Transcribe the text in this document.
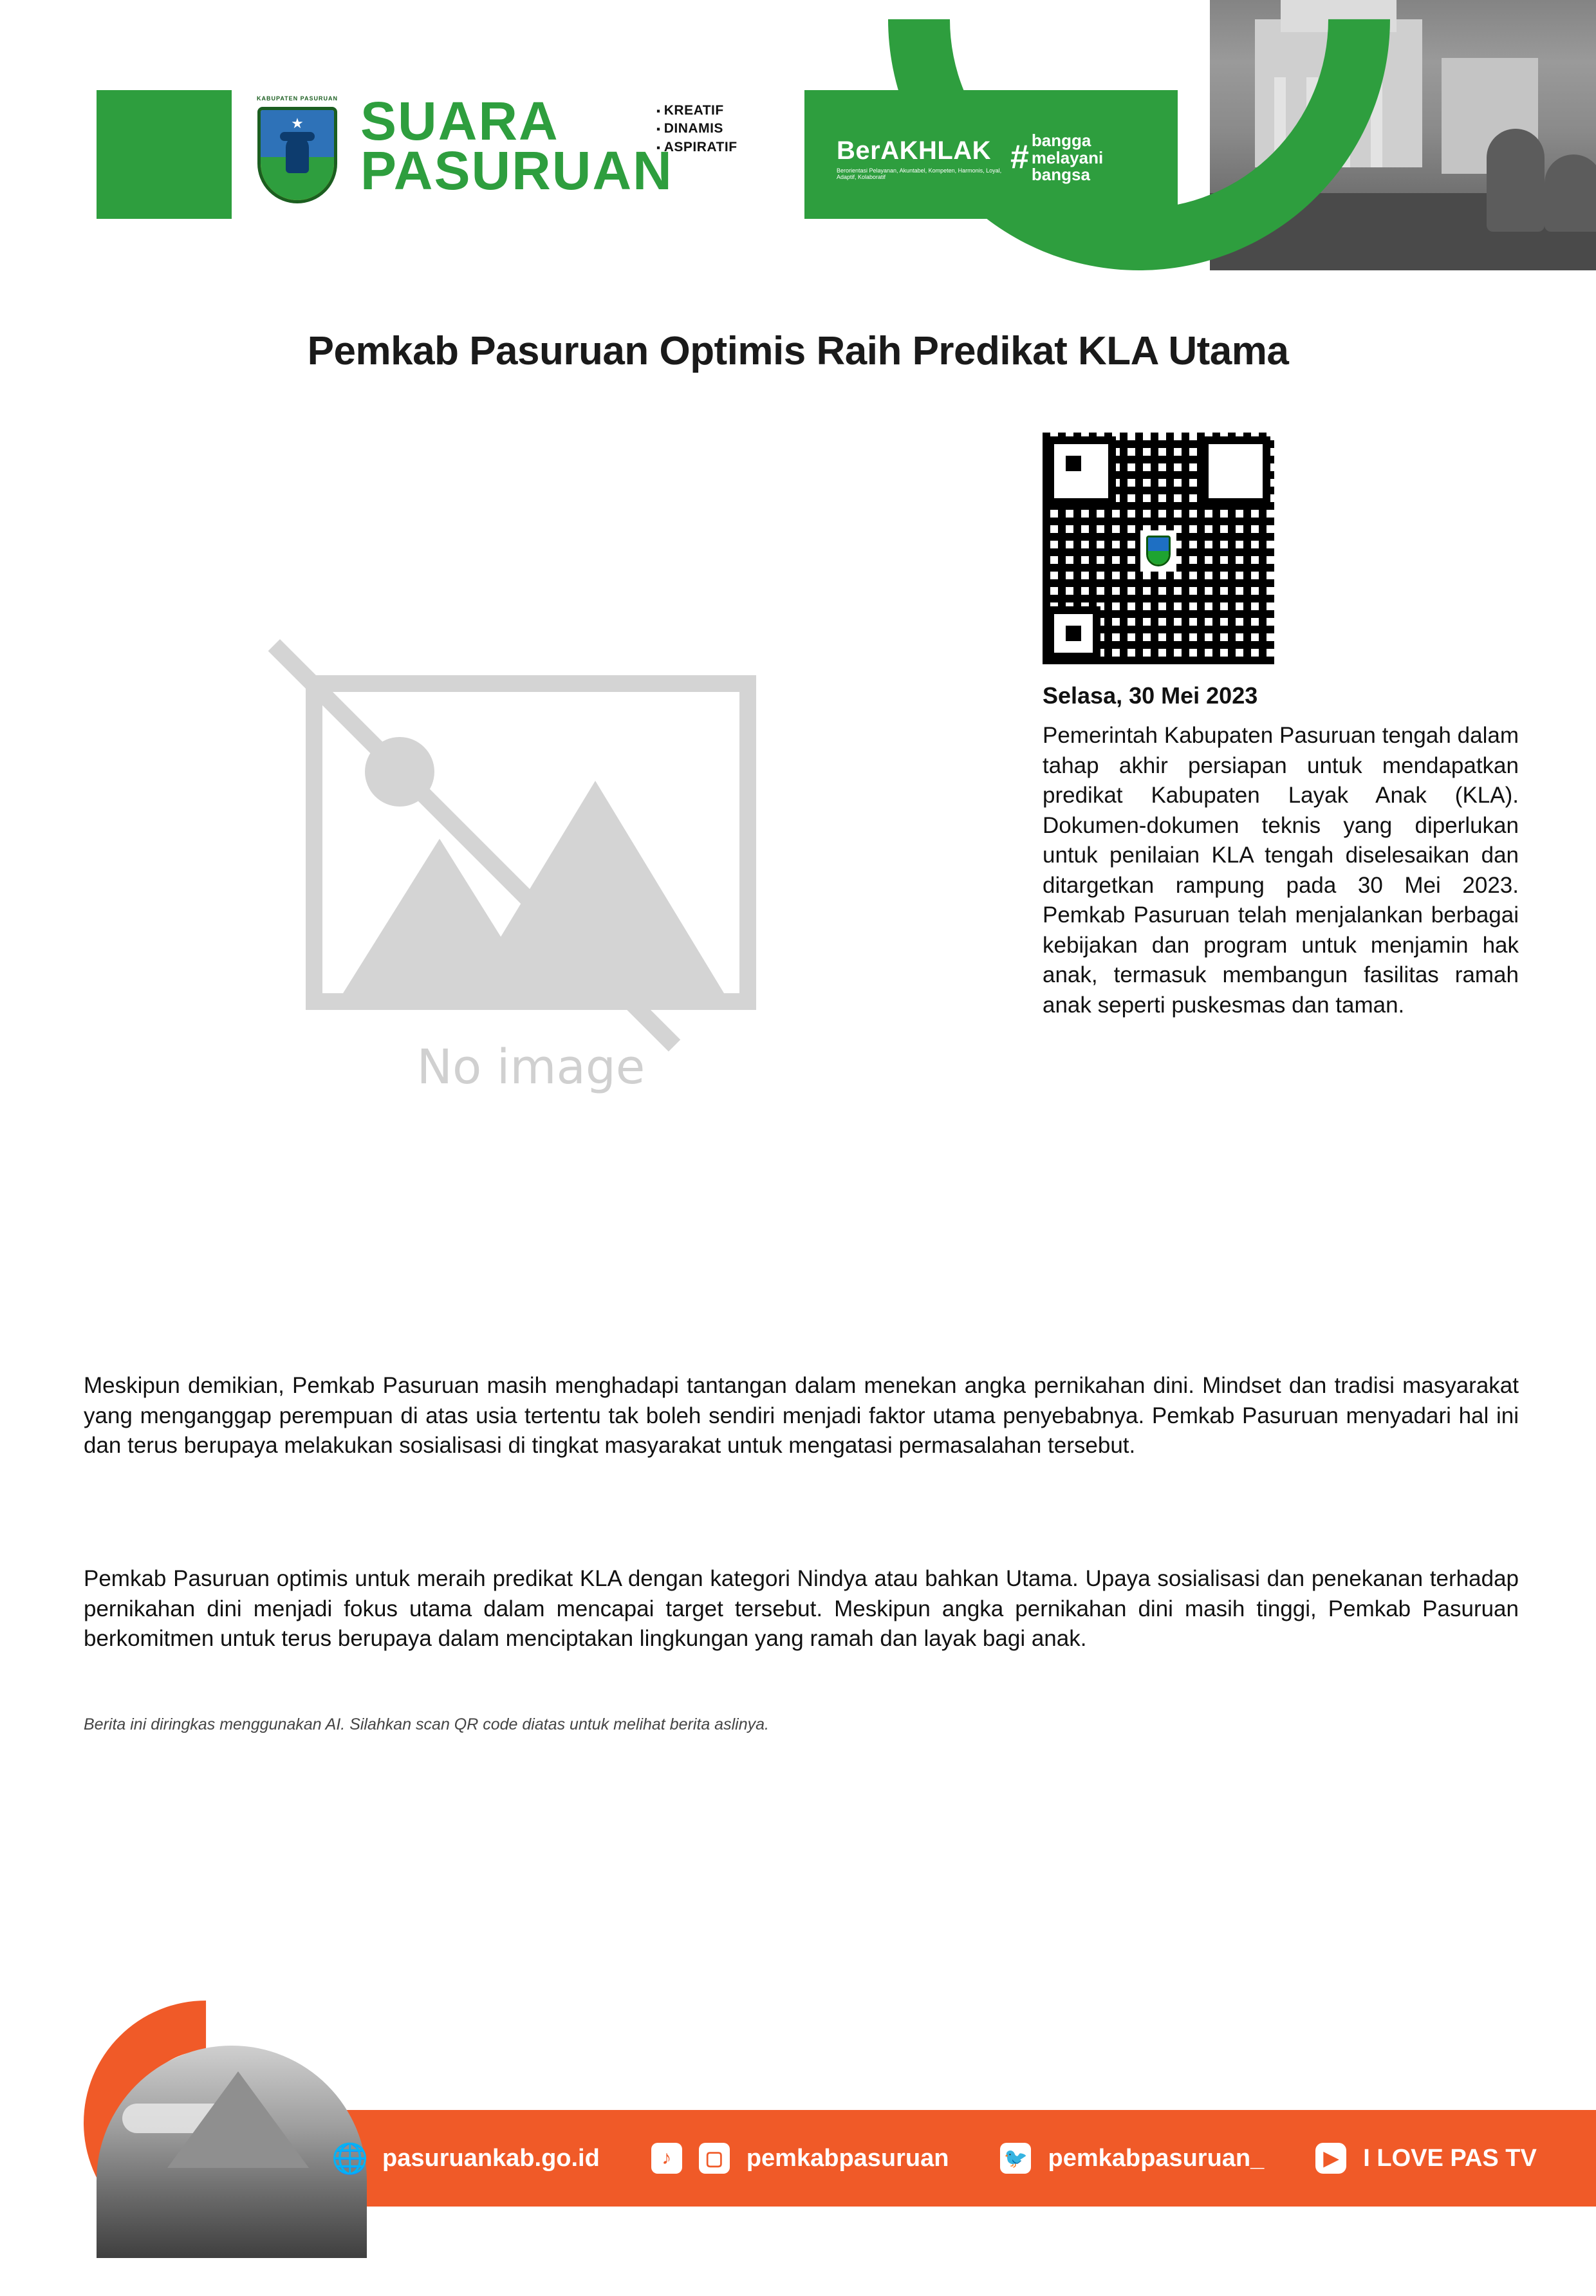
KABUPATEN PASURUAN
★ SUARA
PASURUAN
▪ KREATIF
▪ DINAMIS
▪ ASPIRATIF	BerAKHLAK
Berorientasi Pelayanan, Akuntabel, Kompeten, Harmonis, Loyal, Adaptif, Kolaboratif
# bangga
melayani
bangsa
Pemkab Pasuruan Optimis Raih Predikat KLA Utama
No image
Selasa, 30 Mei 2023
Pemerintah Kabupaten Pasuruan tengah dalam tahap akhir persiapan untuk mendapatkan predikat Kabupaten Layak Anak (KLA). Dokumen-dokumen teknis yang diperlukan untuk penilaian KLA tengah diselesaikan dan ditargetkan rampung pada 30 Mei 2023. Pemkab Pasuruan telah menjalankan berbagai kebijakan dan program untuk menjamin hak anak, termasuk membangun fasilitas ramah anak seperti puskesmas dan taman.
Meskipun demikian, Pemkab Pasuruan masih menghadapi tantangan dalam menekan angka pernikahan dini. Mindset dan tradisi masyarakat yang menganggap perempuan di atas usia tertentu tak boleh sendiri menjadi faktor utama penyebabnya. Pemkab Pasuruan menyadari hal ini dan terus berupaya melakukan sosialisasi di tingkat masyarakat untuk mengatasi permasalahan tersebut.
Pemkab Pasuruan optimis untuk meraih predikat KLA dengan kategori Nindya atau bahkan Utama. Upaya sosialisasi dan penekanan terhadap pernikahan dini menjadi fokus utama dalam mencapai target tersebut. Meskipun angka pernikahan dini masih tinggi, Pemkab Pasuruan berkomitmen untuk terus berupaya dalam menciptakan lingkungan yang ramah dan layak bagi anak.
Berita ini diringkas menggunakan AI. Silahkan scan QR code diatas untuk melihat berita aslinya.
🌐 pasuruankab.go.id	♪	▢ pemkabpasuruan	🐦 pemkabpasuruan_	▶	I LOVE PAS TV
